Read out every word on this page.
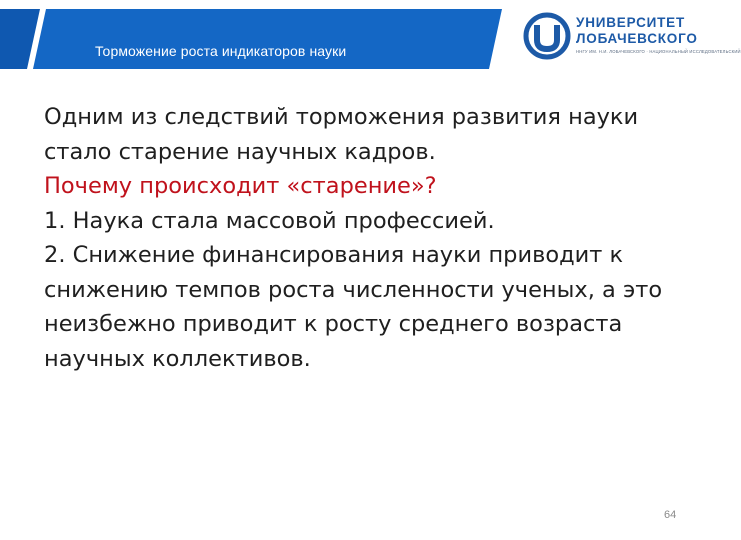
Торможение роста индикаторов науки
УНИВЕРСИТЕТ
ЛОБАЧЕВСКОГО
ННГУ ИМ. Н.И. ЛОБАЧЕВСКОГО · НАЦИОНАЛЬНЫЙ ИССЛЕДОВАТЕЛЬСКИЙ

Одним из следствий торможения развития науки стало старение научных кадров.

Почему происходит «старение»?

1. Наука стала массовой профессией.

2. Снижение финансирования науки приводит к снижению темпов роста численности ученых, а это неизбежно приводит к росту среднего возраста научных коллективов.

64
